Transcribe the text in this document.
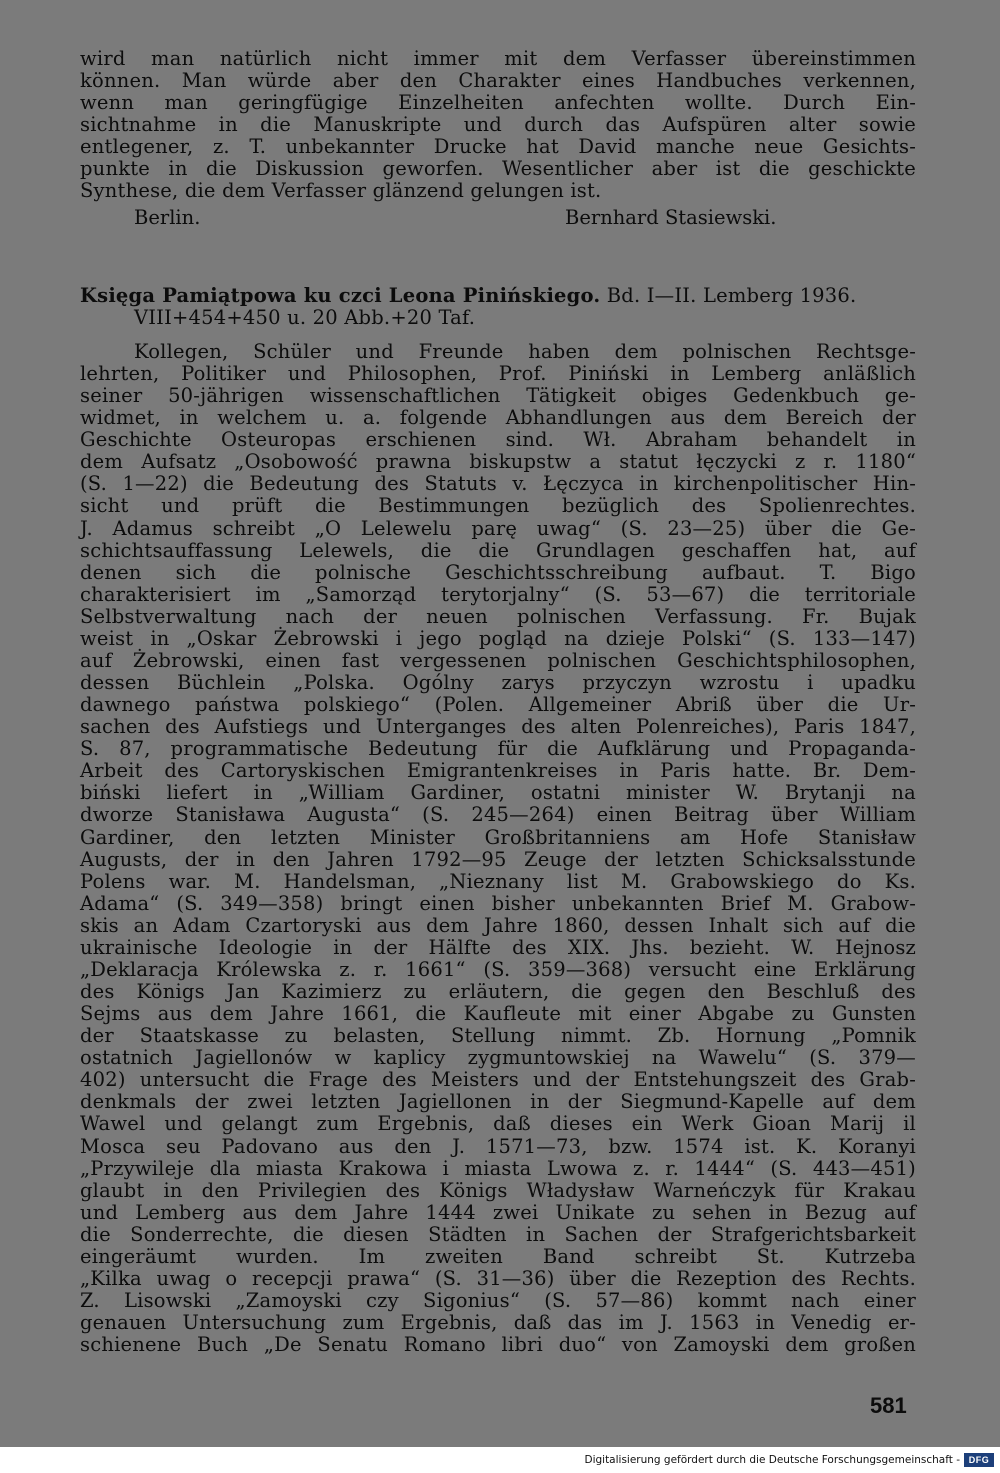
wird man natürlich nicht immer mit dem Verfasser übereinstimmen
können. Man würde aber den Charakter eines Handbuches verkennen,
wenn man geringfügige Einzelheiten anfechten wollte. Durch Ein-
sichtnahme in die Manuskripte und durch das Aufspüren alter sowie
entlegener, z. T. unbekannter Drucke hat David manche neue Gesichts-
punkte in die Diskussion geworfen. Wesentlicher aber ist die geschickte
Synthese, die dem Verfasser glänzend gelungen ist.
Berlin.	Bernhard Stasiewski.
Księga Pamiątpowa ku czci Leona Pinińskiego. Bd. I—II. Lemberg 1936.
VIII+454+450 u. 20 Abb.+20 Taf.
Kollegen, Schüler und Freunde haben dem polnischen Rechtsge-
lehrten, Politiker und Philosophen, Prof. Piniński in Lemberg anläßlich
seiner 50-jährigen wissenschaftlichen Tätigkeit obiges Gedenkbuch ge-
widmet, in welchem u. a. folgende Abhandlungen aus dem Bereich der
Geschichte Osteuropas erschienen sind. Wł. Abraham behandelt in
dem Aufsatz „Osobowość prawna biskupstw a statut łęczycki z r. 1180“
(S. 1—22) die Bedeutung des Statuts v. Łęczyca in kirchenpolitischer Hin-
sicht und prüft die Bestimmungen bezüglich des Spolienrechtes.
J. Adamus schreibt „O Lelewelu parę uwag“ (S. 23—25) über die Ge-
schichtsauffassung Lelewels, die die Grundlagen geschaffen hat, auf
denen sich die polnische Geschichtsschreibung aufbaut. T. Bigo
charakterisiert im „Samorząd terytorjalny“ (S. 53—67) die territoriale
Selbstverwaltung nach der neuen polnischen Verfassung. Fr. Bujak
weist in „Oskar Żebrowski i jego pogląd na dzieje Polski“ (S. 133—147)
auf Żebrowski, einen fast vergessenen polnischen Geschichtsphilosophen,
dessen Büchlein „Polska. Ogólny zarys przyczyn wzrostu i upadku
dawnego państwa polskiego“ (Polen. Allgemeiner Abriß über die Ur-
sachen des Aufstiegs und Unterganges des alten Polenreiches), Paris 1847,
S. 87, programmatische Bedeutung für die Aufklärung und Propaganda-
Arbeit des Cartoryskischen Emigrantenkreises in Paris hatte. Br. Dem-
biński liefert in „William Gardiner, ostatni minister W. Brytanji na
dworze Stanisława Augusta“ (S. 245—264) einen Beitrag über William
Gardiner, den letzten Minister Großbritanniens am Hofe Stanisław
Augusts, der in den Jahren 1792—95 Zeuge der letzten Schicksalsstunde
Polens war. M. Handelsman, „Nieznany list M. Grabowskiego do Ks.
Adama“ (S. 349—358) bringt einen bisher unbekannten Brief M. Grabow-
skis an Adam Czartoryski aus dem Jahre 1860, dessen Inhalt sich auf die
ukrainische Ideologie in der Hälfte des XIX. Jhs. bezieht. W. Hejnosz
„Deklaracja Królewska z. r. 1661“ (S. 359—368) versucht eine Erklärung
des Königs Jan Kazimierz zu erläutern, die gegen den Beschluß des
Sejms aus dem Jahre 1661, die Kaufleute mit einer Abgabe zu Gunsten
der Staatskasse zu belasten, Stellung nimmt. Zb. Hornung „Pomnik
ostatnich Jagiellonów w kaplicy zygmuntowskiej na Wawelu“ (S. 379—
402) untersucht die Frage des Meisters und der Entstehungszeit des Grab-
denkmals der zwei letzten Jagiellonen in der Siegmund-Kapelle auf dem
Wawel und gelangt zum Ergebnis, daß dieses ein Werk Gioan Marij il
Mosca seu Padovano aus den J. 1571—73, bzw. 1574 ist. K. Koranyi
„Przywileje dla miasta Krakowa i miasta Lwowa z. r. 1444“ (S. 443—451)
glaubt in den Privilegien des Königs Władysław Warneńczyk für Krakau
und Lemberg aus dem Jahre 1444 zwei Unikate zu sehen in Bezug auf
die Sonderrechte, die diesen Städten in Sachen der Strafgerichtsbarkeit
eingeräumt wurden. Im zweiten Band schreibt St. Kutrzeba
„Kilka uwag o recepcji prawa“ (S. 31—36) über die Rezeption des Rechts.
Z. Lisowski „Zamoyski czy Sigonius“ (S. 57—86) kommt nach einer
genauen Untersuchung zum Ergebnis, daß das im J. 1563 in Venedig er-
schienene Buch „De Senatu Romano libri duo“ von Zamoyski dem großen
581
Digitalisierung gefördert durch die Deutsche Forschungsgemeinschaft - DFG
